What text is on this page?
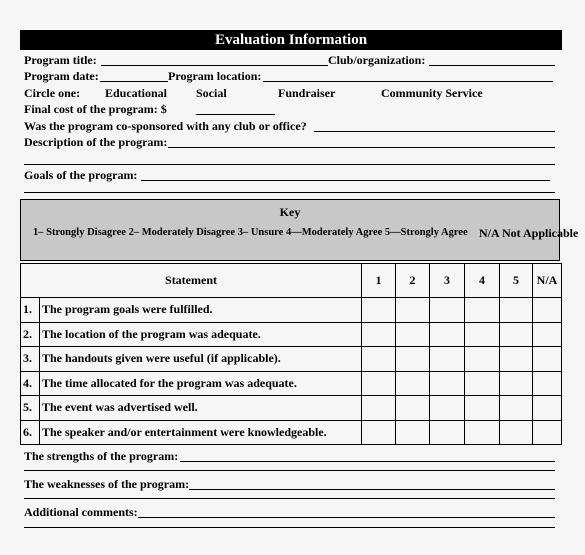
Evaluation Information
Program title:	Club/organization:
Program date:	Program location:
Circle one: Educational Social	Fundraiser	Community Service
Final cost of the program: $
Was the program co-sponsored with any club or office?
Description of the program:
Goals of the program:
Key
1– Strongly Disagree 2– Moderately Disagree 3– Unsure 4—Moderately Agree 5—Strongly Agree N/A Not Applicable
Statement		1	2	3	4	5	N/A
1.	The program goals were fulfilled.						
2.	The location of the program was adequate.						
3.	The handouts given were useful (if applicable).						
4.	The time allocated for the program was adequate.						
5.	The event was advertised well.						
6.	The speaker and/or entertainment were knowledgeable.						
The strengths of the program:
The weaknesses of the program:
Additional comments:
